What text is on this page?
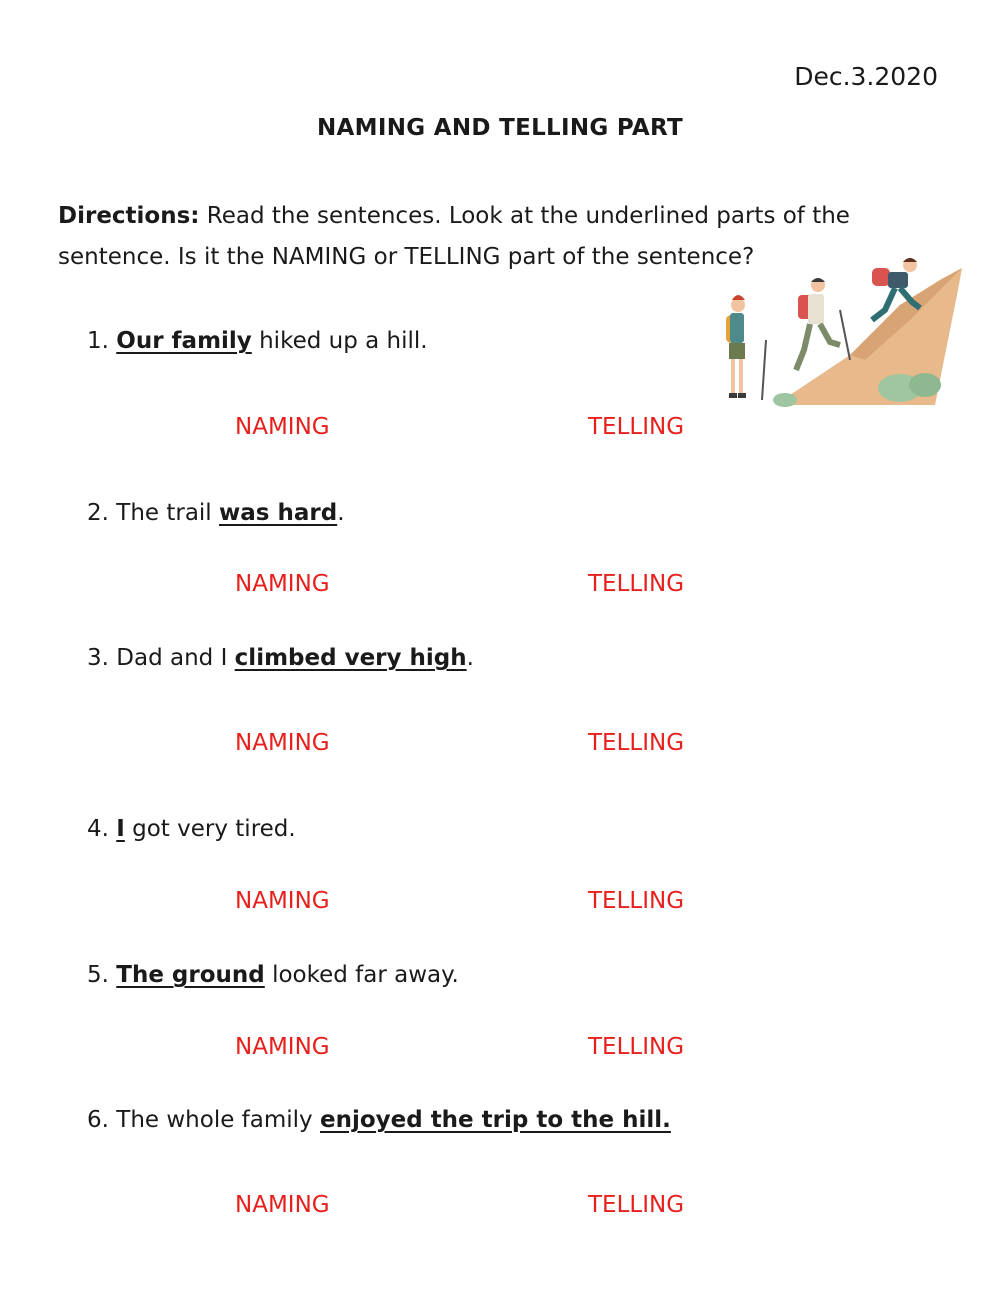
Dec.3.2020
NAMING AND TELLING PART
Directions: Read the sentences. Look at the underlined parts of the sentence. Is it the NAMING or TELLING part of the sentence?
1. Our family hiked up a hill.
NAMING	TELLING
2. The trail was hard.
NAMING	TELLING
3. Dad and I climbed very high.
NAMING	TELLING
4. I got very tired.
NAMING	TELLING
5. The ground looked far away.
NAMING	TELLING
6. The whole family enjoyed the trip to the hill.
NAMING	TELLING
